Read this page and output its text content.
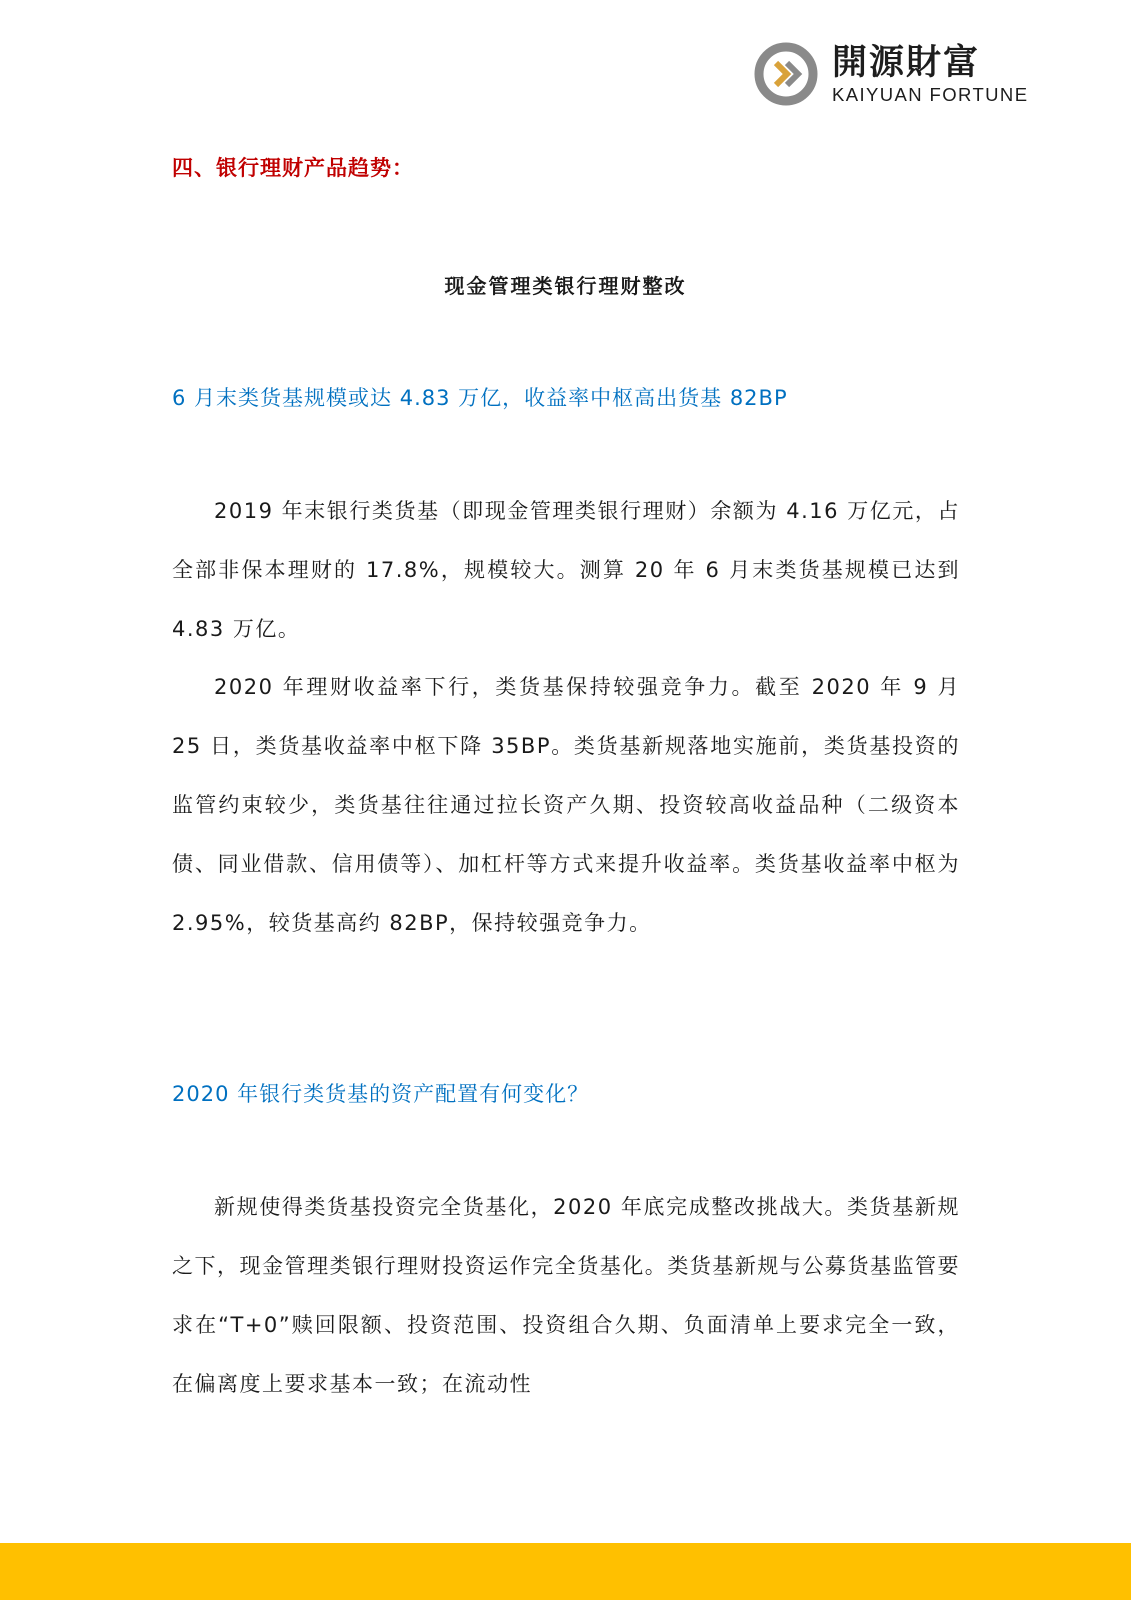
開源財富
KAIYUAN FORTUNE
四、银行理财产品趋势：
现金管理类银行理财整改
6 月末类货基规模或达 4.83 万亿，收益率中枢高出货基 82BP

2019 年末银行类货基（即现金管理类银行理财）余额为 4.16 万亿元，占全部非保本理财的 17.8%，规模较大。测算 20 年 6 月末类货基规模已达到 4.83 万亿。

2020 年理财收益率下行，类货基保持较强竞争力。截至 2020 年 9 月 25 日，类货基收益率中枢下降 35BP。类货基新规落地实施前，类货基投资的监管约束较少，类货基往往通过拉长资产久期、投资较高收益品种（二级资本债、同业借款、信用债等）、加杠杆等方式来提升收益率。类货基收益率中枢为 2.95%，较货基高约 82BP，保持较强竞争力。

2020 年银行类货基的资产配置有何变化？

新规使得类货基投资完全货基化，2020 年底完成整改挑战大。类货基新规之下，现金管理类银行理财投资运作完全货基化。类货基新规与公募货基监管要求在“T+0”赎回限额、投资范围、投资组合久期、负面清单上要求完全一致，在偏离度上要求基本一致；在流动性
